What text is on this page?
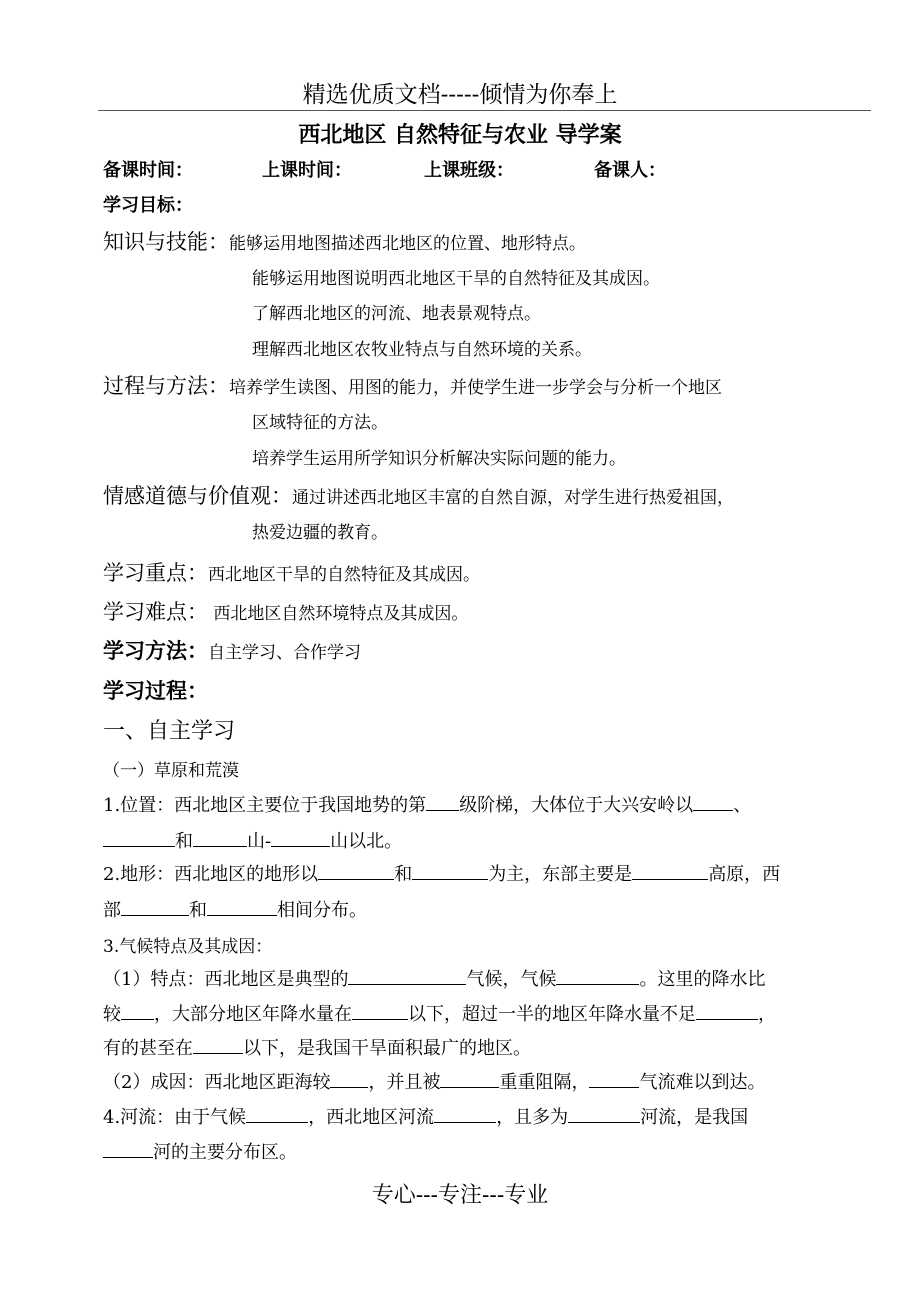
精选优质文档-----倾情为你奉上
西北地区 自然特征与农业 导学案
备课时间：	上课时间：	上课班级：	备课人：
学习目标：
知识与技能：能够运用地图描述西北地区的位置、地形特点。
能够运用地图说明西北地区干旱的自然特征及其成因。
了解西北地区的河流、地表景观特点。
理解西北地区农牧业特点与自然环境的关系。
过程与方法：培养学生读图、用图的能力，并使学生进一步学会与分析一个地区
区域特征的方法。
培养学生运用所学知识分析解决实际问题的能力。
情感道德与价值观：通过讲述西北地区丰富的自然自源，对学生进行热爱祖国，
热爱边疆的教育。
学习重点：西北地区干旱的自然特征及其成因。
学习难点： 西北地区自然环境特点及其成因。
学习方法：自主学习、合作学习
学习过程：
一、自主学习
（一）草原和荒漠
1.位置：西北地区主要位于我国地势的第 级阶梯，大体位于大兴安岭以 、
和	山-	山以北。
2.地形：西北地区的地形以	和	为主，东部主要是	高原，西
部	和	相间分布。
3.气候特点及其成因：
（1）特点：西北地区是典型的	气候，气候	。这里的降水比
较 ，大部分地区年降水量在	以下，超过一半的地区年降水量不足	，
有的甚至在	以下，是我国干旱面积最广的地区。
（2）成因：西北地区距海较 ，并且被	重重阻隔，	气流难以到达。
4.河流：由于气候	，西北地区河流	，且多为	河流，是我国
河的主要分布区。
专心---专注---专业
